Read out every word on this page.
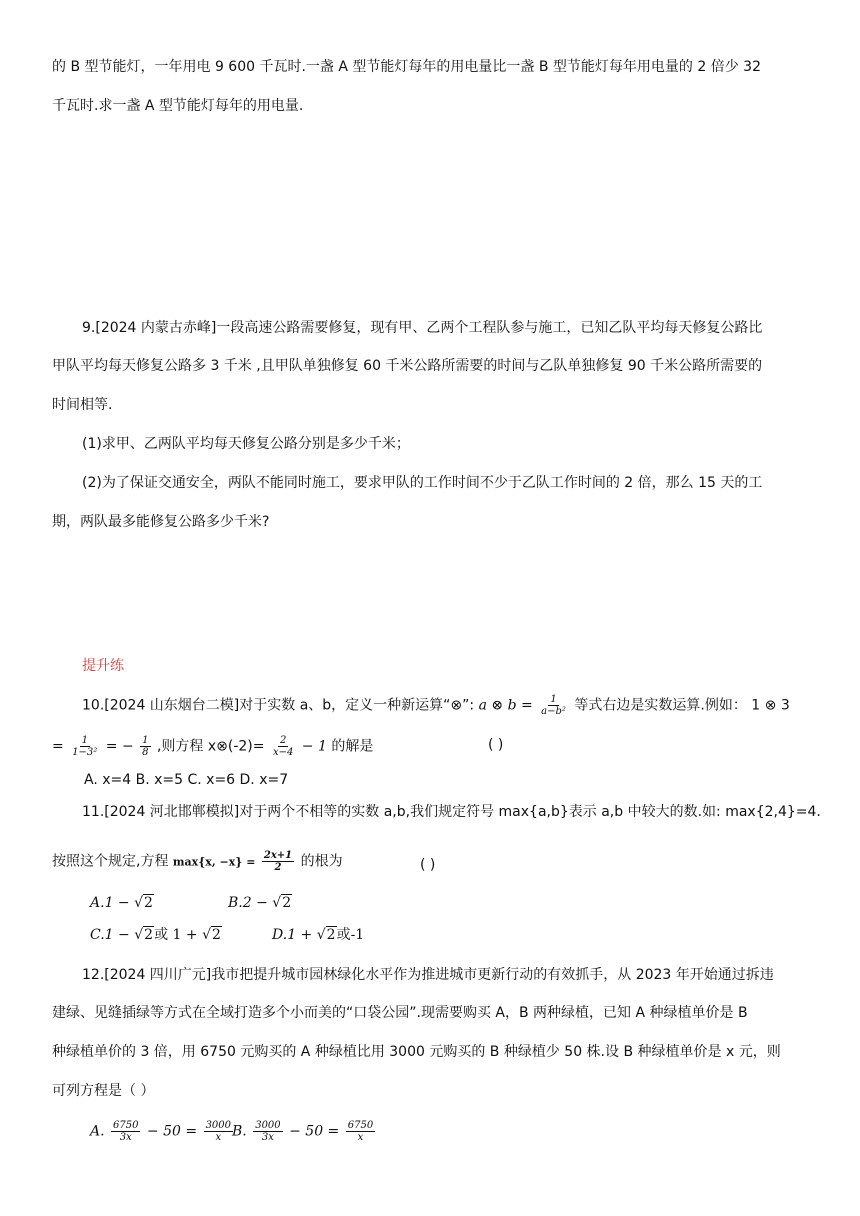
的 B 型节能灯，一年用电 9 600 千瓦时.一盏 A 型节能灯每年的用电量比一盏 B 型节能灯每年用电量的 2 倍少 32
千瓦时.求一盏 A 型节能灯每年的用电量.
9.[2024 内蒙古赤峰]一段高速公路需要修复，现有甲、乙两个工程队参与施工，已知乙队平均每天修复公路比
甲队平均每天修复公路多 3 千米 ,且甲队单独修复 60 千米公路所需要的时间与乙队单独修复 90 千米公路所需要的
时间相等.
(1)求甲、乙两队平均每天修复公路分别是多少千米；
(2)为了保证交通安全，两队不能同时施工，要求甲队的工作时间不少于乙队工作时间的 2 倍，那么 15 天的工
期，两队最多能修复公路多少千米?
提升练
10.[2024 山东烟台二模]对于实数 a、b，定义一种新运算“⊗”: a ⊗ $b = \frac{1}{\text{a−b²}}$ 等式右边是实数运算.例如： 1 ⊗ 3
= $\frac{1}{\text{1−3²}}$ = − $\frac{1}{8}$ ,则方程 x⊗(-2)= $\frac{2}{x-4} - 1$ 的解是	( )
A. x=4 B. x=5 C. x=6 D. x=7
11.[2024 河北邯郸模拟]对于两个不相等的实数 a,b,我们规定符号 max{a,b}表示 a,b 中较大的数.如: max{2,4}=4.
按照这个规定,方程 max{x, $-x\} = \frac{2x+1}{2}$ 的根为	( )
A.1 − √2	B.2 − √2
C.1 − √2或 1 + √2	D.1 + √2或-1
12.[2024 四川广元]我市把提升城市园林绿化水平作为推进城市更新行动的有效抓手，从 2023 年开始通过拆违
建绿、见缝插绿等方式在全域打造多个小而美的“口袋公园”.现需要购买 A，B 两种绿植，已知 A 种绿植单价是 B
种绿植单价的 3 倍，用 6750 元购买的 A 种绿植比用 3000 元购买的 B 种绿植少 50 株.设 B 种绿植单价是 x 元，则
可列方程是（ ）
A. $\frac{6750}{3x} - 50 = \frac{3000}{x}$
B. $\frac{3000}{3x} - 50 = \frac{6750}{x}$
